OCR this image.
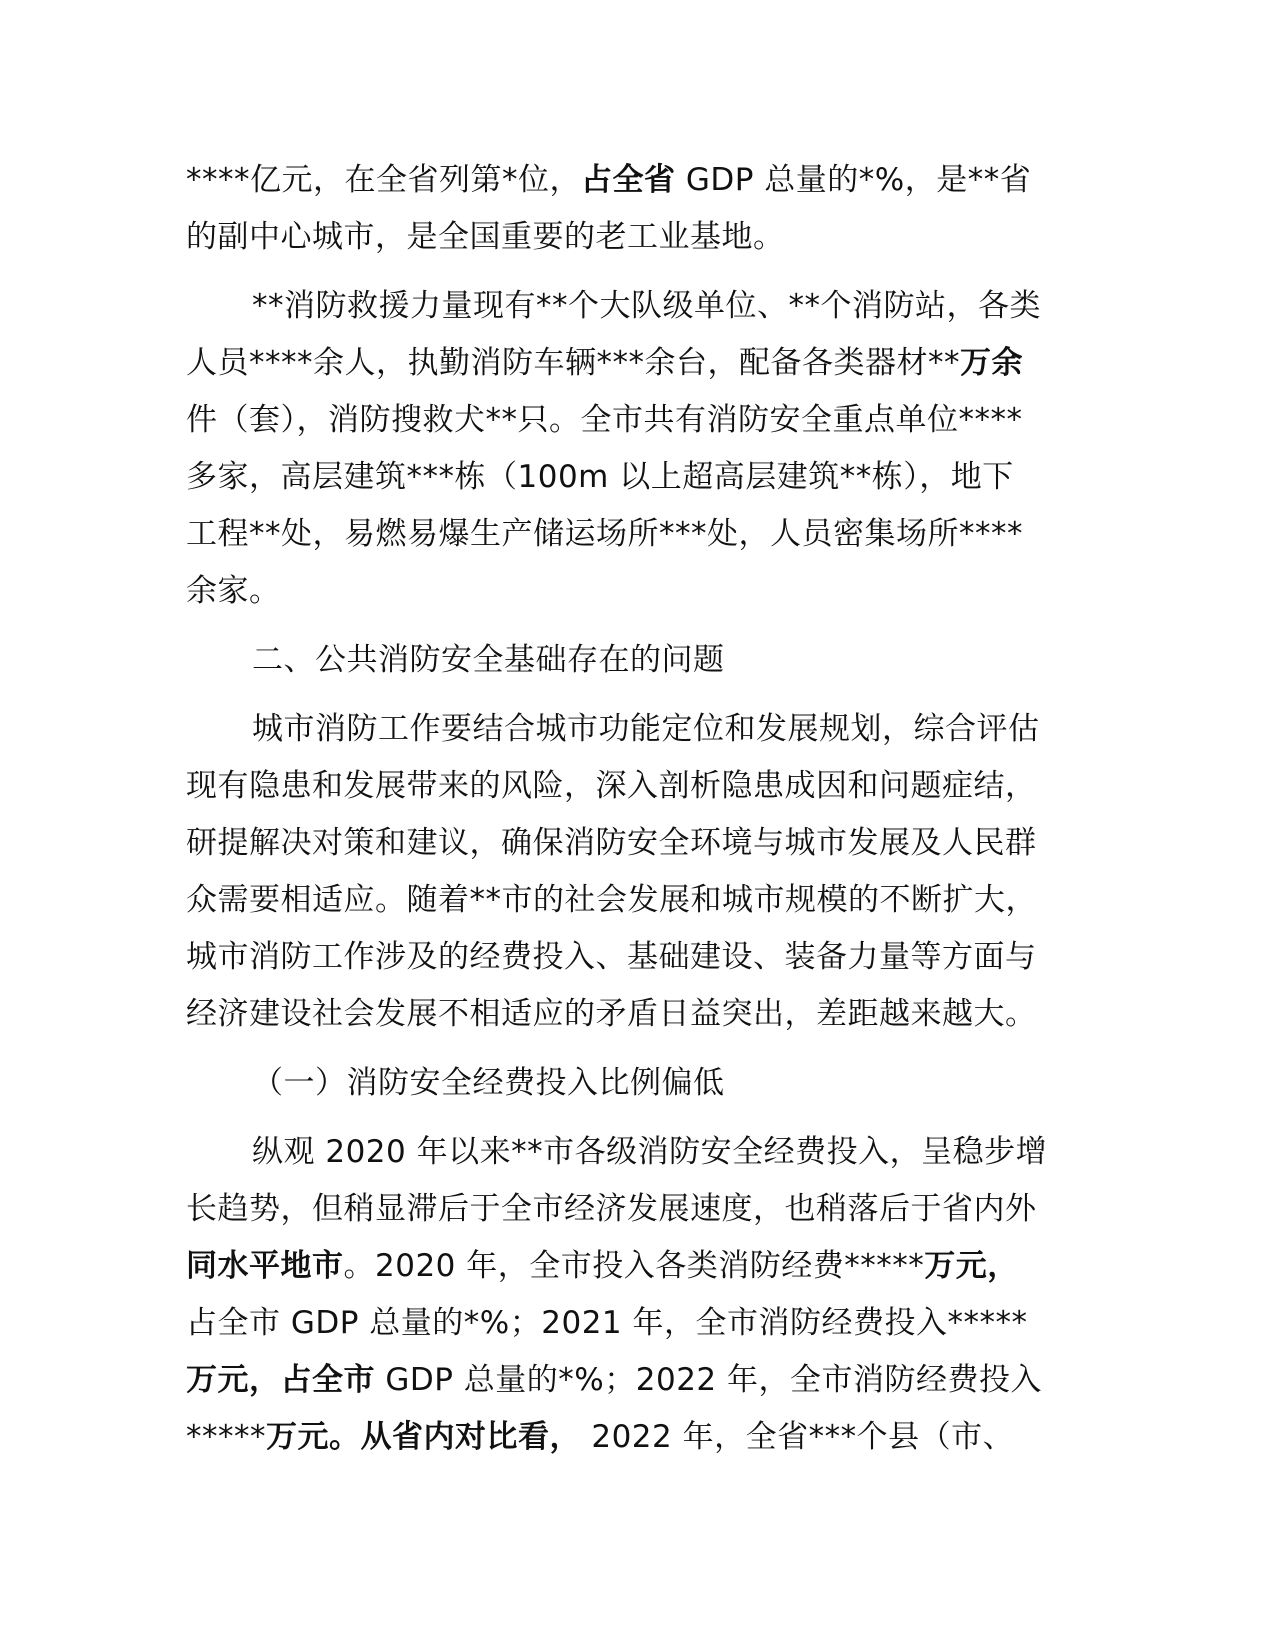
****亿元，在全省列第*位，占全省 GDP 总量的*%，是**省
的副中心城市，是全国重要的老工业基地。
**消防救援力量现有**个大队级单位、**个消防站，各类
人员****余人，执勤消防车辆***余台，配备各类器材**万余
件（套），消防搜救犬**只。全市共有消防安全重点单位****
多家，高层建筑***栋（100m 以上超高层建筑**栋），地下
工程**处，易燃易爆生产储运场所***处，人员密集场所****
余家。
二、公共消防安全基础存在的问题
城市消防工作要结合城市功能定位和发展规划，综合评估
现有隐患和发展带来的风险，深入剖析隐患成因和问题症结，
研提解决对策和建议，确保消防安全环境与城市发展及人民群
众需要相适应。随着**市的社会发展和城市规模的不断扩大，
城市消防工作涉及的经费投入、基础建设、装备力量等方面与
经济建设社会发展不相适应的矛盾日益突出，差距越来越大。
（一）消防安全经费投入比例偏低
纵观 2020 年以来**市各级消防安全经费投入，呈稳步增
长趋势，但稍显滞后于全市经济发展速度，也稍落后于省内外
同水平地市。2020 年，全市投入各类消防经费*****万元，
占全市 GDP 总量的*%；2021 年，全市消防经费投入*****
万元，占全市 GDP 总量的*%；2022 年，全市消防经费投入
*****万元。从省内对比看， 2022 年，全省***个县（市、
